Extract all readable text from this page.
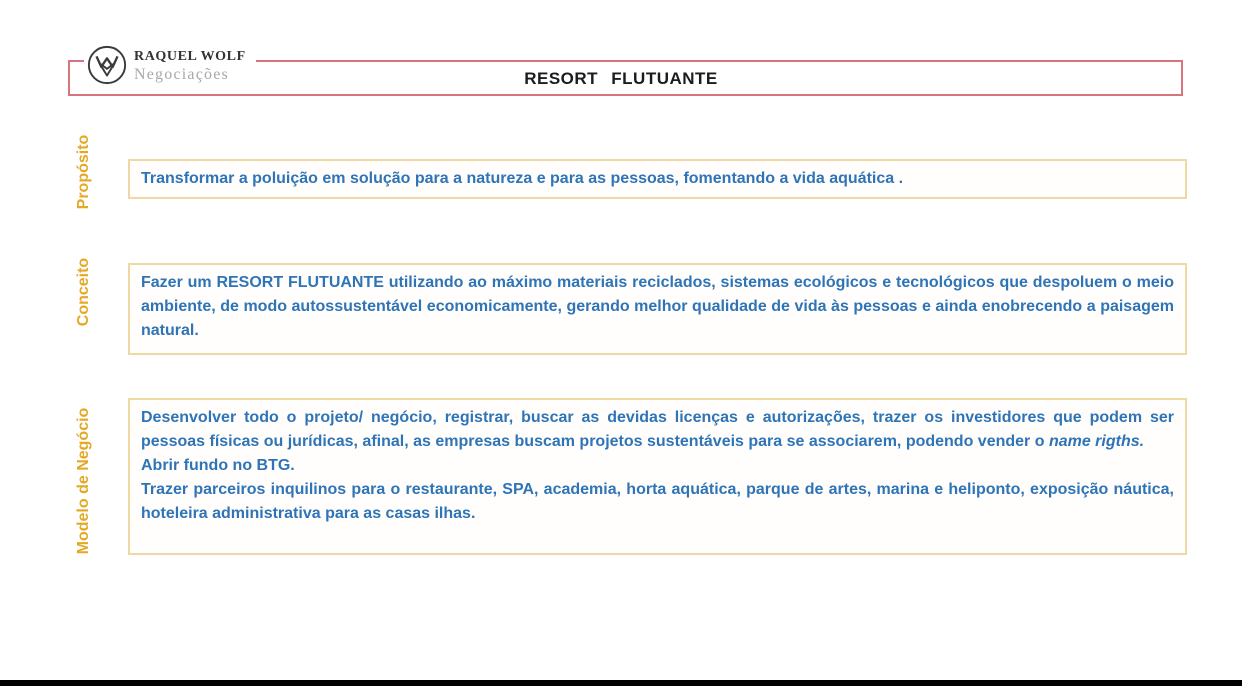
RESORT FLUTUANTE
RAQUEL WOLF
Negociações
Propósito
Conceito
Modelo de Negócio
Transformar a poluição em solução para a natureza e para as pessoas, fomentando a vida aquática .

Fazer um RESORT FLUTUANTE utilizando ao máximo materiais reciclados, sistemas ecológicos e tecnológicos que despoluem o meio ambiente, de modo autossustentável economicamente, gerando melhor qualidade de vida às pessoas e ainda enobrecendo a paisagem natural.

Desenvolver todo o projeto/ negócio, registrar, buscar as devidas licenças e autorizações, trazer os investidores que podem ser pessoas físicas ou jurídicas, afinal, as empresas buscam projetos sustentáveis para se associarem, podendo vender o name rigths.

Abrir fundo no BTG.

Trazer parceiros inquilinos para o restaurante, SPA, academia, horta aquática, parque de artes, marina e heliponto, exposição náutica, hoteleira administrativa para as casas ilhas.
